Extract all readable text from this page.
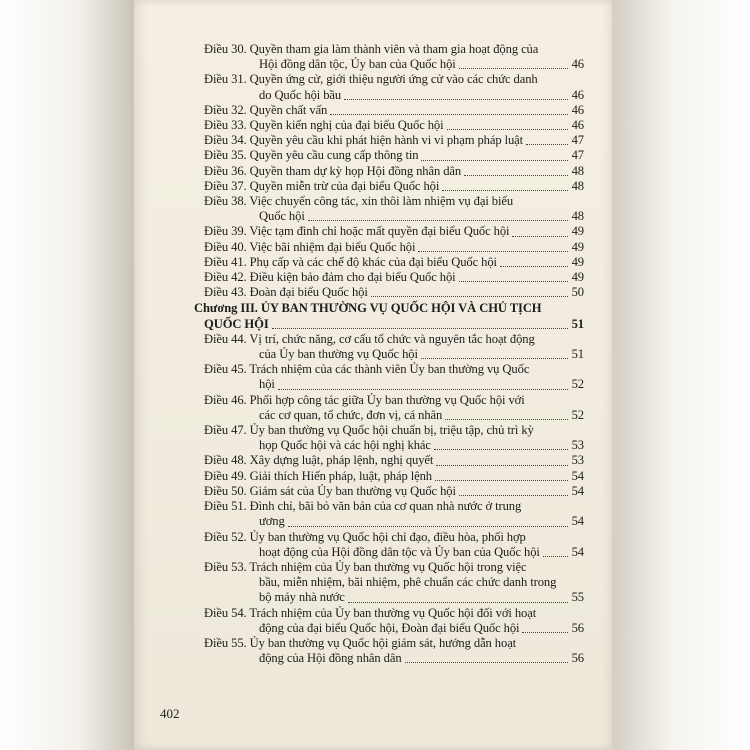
Điều 30. Quyền tham gia làm thành viên và tham gia hoạt động của
Hội đồng dân tộc, Ủy ban của Quốc hội	46
Điều 31. Quyền ứng cử, giới thiệu người ứng cử vào các chức danh
do Quốc hội bầu	46
Điều 32. Quyền chất vấn	46
Điều 33. Quyền kiến nghị của đại biểu Quốc hội	46
Điều 34. Quyền yêu cầu khi phát hiện hành vi vi phạm pháp luật	47
Điều 35. Quyền yêu cầu cung cấp thông tin	47
Điều 36. Quyền tham dự kỳ họp Hội đồng nhân dân	48
Điều 37. Quyền miễn trừ của đại biểu Quốc hội	48
Điều 38. Việc chuyển công tác, xin thôi làm nhiệm vụ đại biểu
Quốc hội	48
Điều 39. Việc tạm đình chỉ hoặc mất quyền đại biểu Quốc hội	49
Điều 40. Việc bãi nhiệm đại biểu Quốc hội	49
Điều 41. Phụ cấp và các chế độ khác của đại biểu Quốc hội	49
Điều 42. Điều kiện bảo đảm cho đại biểu Quốc hội	49
Điều 43. Đoàn đại biểu Quốc hội	50
Chương III. ỦY BAN THƯỜNG VỤ QUỐC HỘI VÀ CHỦ TỊCH
QUỐC HỘI	51
Điều 44. Vị trí, chức năng, cơ cấu tổ chức và nguyên tắc hoạt động
của Ủy ban thường vụ Quốc hội	51
Điều 45. Trách nhiệm của các thành viên Ủy ban thường vụ Quốc
hội	52
Điều 46. Phối hợp công tác giữa Ủy ban thường vụ Quốc hội với
các cơ quan, tổ chức, đơn vị, cá nhân	52
Điều 47. Ủy ban thường vụ Quốc hội chuẩn bị, triệu tập, chủ trì kỳ
họp Quốc hội và các hội nghị khác	53
Điều 48. Xây dựng luật, pháp lệnh, nghị quyết	53
Điều 49. Giải thích Hiến pháp, luật, pháp lệnh	54
Điều 50. Giám sát của Ủy ban thường vụ Quốc hội	54
Điều 51. Đình chỉ, bãi bỏ văn bản của cơ quan nhà nước ở trung
ương	54
Điều 52. Ủy ban thường vụ Quốc hội chỉ đạo, điều hòa, phối hợp
hoạt động của Hội đồng dân tộc và Ủy ban của Quốc hội	54
Điều 53. Trách nhiệm của Ủy ban thường vụ Quốc hội trong việc
bầu, miễn nhiệm, bãi nhiệm, phê chuẩn các chức danh trong
bộ máy nhà nước	55
Điều 54. Trách nhiệm của Ủy ban thường vụ Quốc hội đối với hoạt
động của đại biểu Quốc hội, Đoàn đại biểu Quốc hội	56
Điều 55. Ủy ban thường vụ Quốc hội giám sát, hướng dẫn hoạt
động của Hội đồng nhân dân	56
402
